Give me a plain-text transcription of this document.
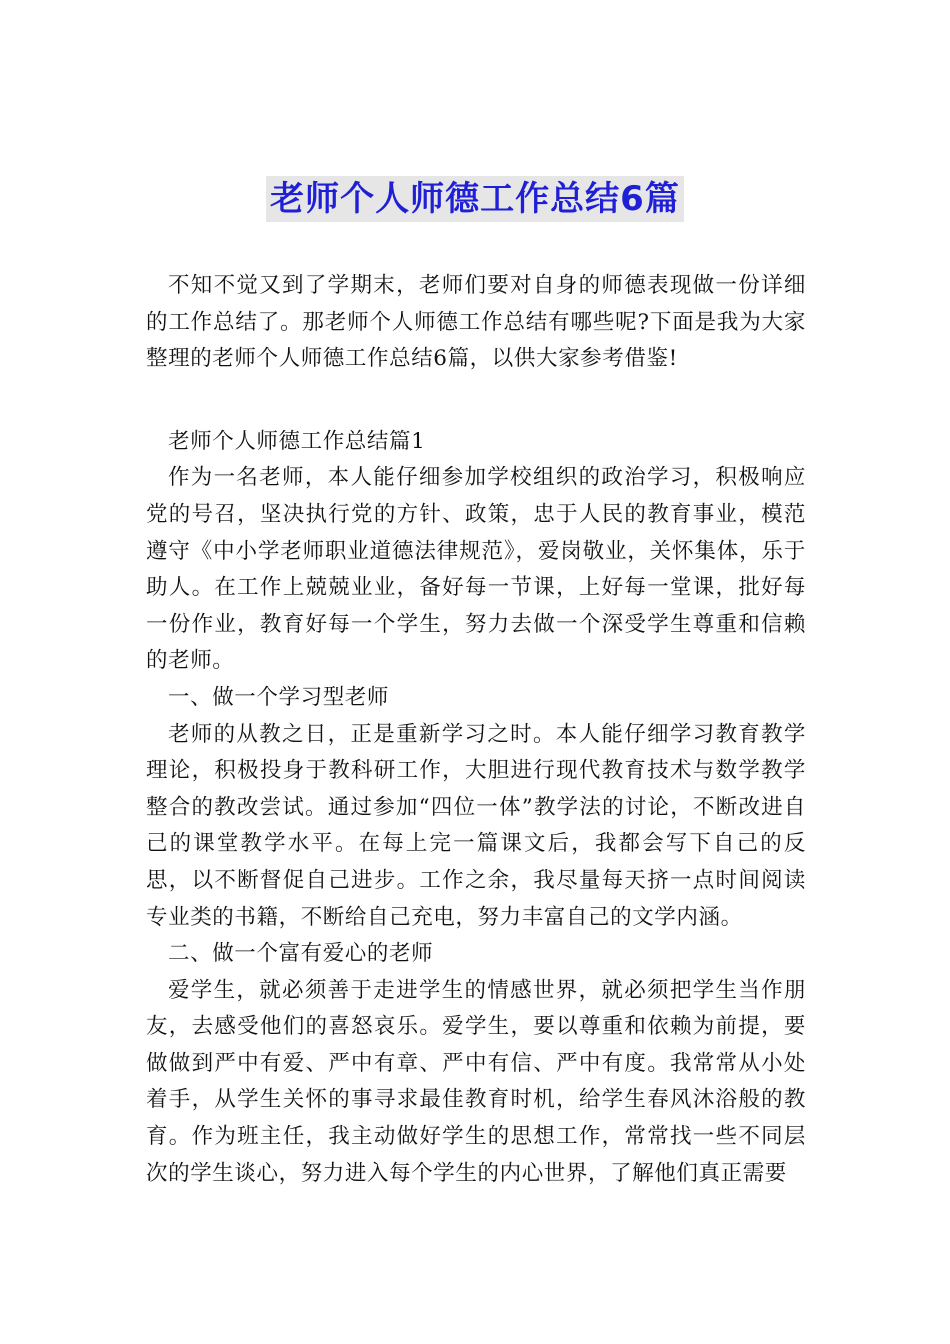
老师个人师德工作总结6篇

不知不觉又到了学期末，老师们要对自身的师德表现做一份详细的工作总结了。那老师个人师德工作总结有哪些呢?下面是我为大家整理的老师个人师德工作总结6篇，以供大家参考借鉴!

老师个人师德工作总结篇1

作为一名老师，本人能仔细参加学校组织的政治学习，积极响应党的号召，坚决执行党的方针、政策，忠于人民的教育事业，模范遵守《中小学老师职业道德法律规范》，爱岗敬业，关怀集体，乐于助人。在工作上兢兢业业，备好每一节课，上好每一堂课，批好每一份作业，教育好每一个学生，努力去做一个深受学生尊重和信赖的老师。

一、做一个学习型老师

老师的从教之日，正是重新学习之时。本人能仔细学习教育教学理论，积极投身于教科研工作，大胆进行现代教育技术与数学教学整合的教改尝试。通过参加“四位一体”教学法的讨论，不断改进自己的课堂教学水平。在每上完一篇课文后，我都会写下自己的反思，以不断督促自己进步。工作之余，我尽量每天挤一点时间阅读专业类的书籍，不断给自己充电，努力丰富自己的文学内涵。

二、做一个富有爱心的老师

爱学生，就必须善于走进学生的情感世界，就必须把学生当作朋友，去感受他们的喜怒哀乐。爱学生，要以尊重和依赖为前提，要做做到严中有爱、严中有章、严中有信、严中有度。我常常从小处着手，从学生关怀的事寻求最佳教育时机，给学生春风沐浴般的教育。作为班主任，我主动做好学生的思想工作，常常找一些不同层次的学生谈心，努力进入每个学生的内心世界，了解他们真正需要
